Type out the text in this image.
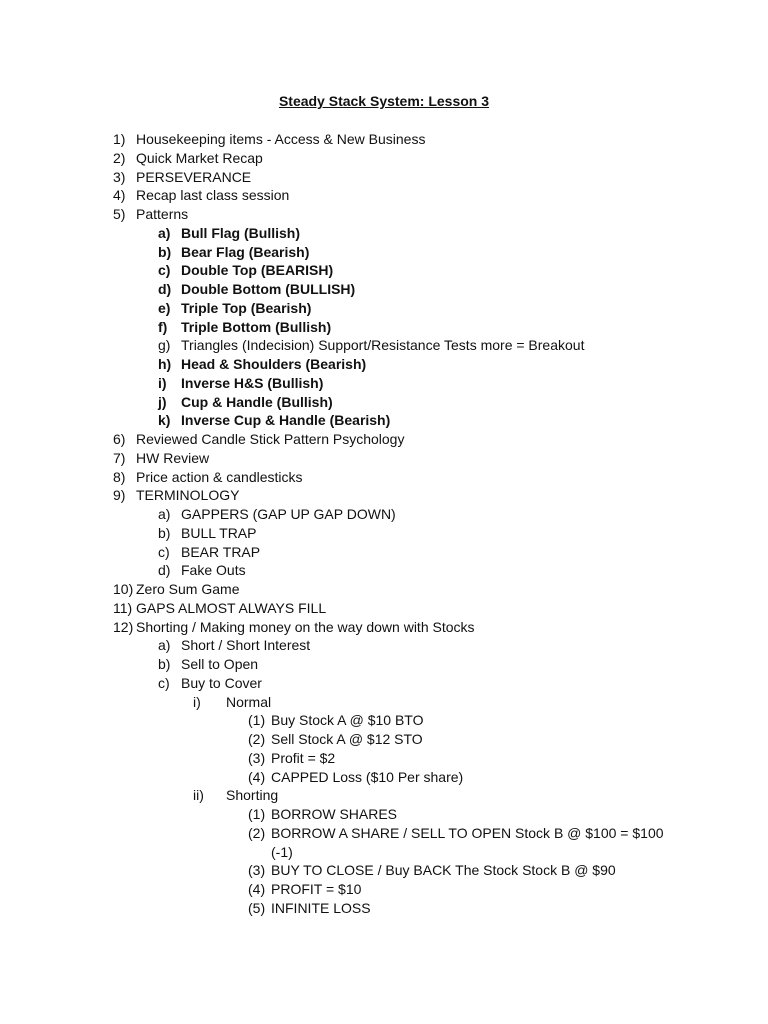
Steady Stack System: Lesson 3
1) Housekeeping items - Access & New Business
2) Quick Market Recap
3) PERSEVERANCE
4) Recap last class session
5) Patterns
a) Bull Flag (Bullish)
b) Bear Flag (Bearish)
c) Double Top (BEARISH)
d) Double Bottom (BULLISH)
e) Triple Top (Bearish)
f) Triple Bottom (Bullish)
g) Triangles (Indecision) Support/Resistance Tests more = Breakout
h) Head & Shoulders (Bearish)
i) Inverse H&S (Bullish)
j) Cup & Handle (Bullish)
k) Inverse Cup & Handle (Bearish)
6) Reviewed Candle Stick Pattern Psychology
7) HW Review
8) Price action & candlesticks
9) TERMINOLOGY
a) GAPPERS (GAP UP GAP DOWN)
b) BULL TRAP
c) BEAR TRAP
d) Fake Outs
10) Zero Sum Game
11) GAPS ALMOST ALWAYS FILL
12) Shorting / Making money on the way down with Stocks
a) Short / Short Interest
b) Sell to Open
c) Buy to Cover
i) Normal
(1) Buy Stock A @ $10 BTO
(2) Sell Stock A @ $12 STO
(3) Profit = $2
(4) CAPPED Loss ($10 Per share)
ii) Shorting
(1) BORROW SHARES
(2) BORROW A SHARE / SELL TO OPEN Stock B @ $100 = $100
(-1)
(3) BUY TO CLOSE / Buy BACK The Stock Stock B @ $90
(4) PROFIT = $10
(5) INFINITE LOSS
